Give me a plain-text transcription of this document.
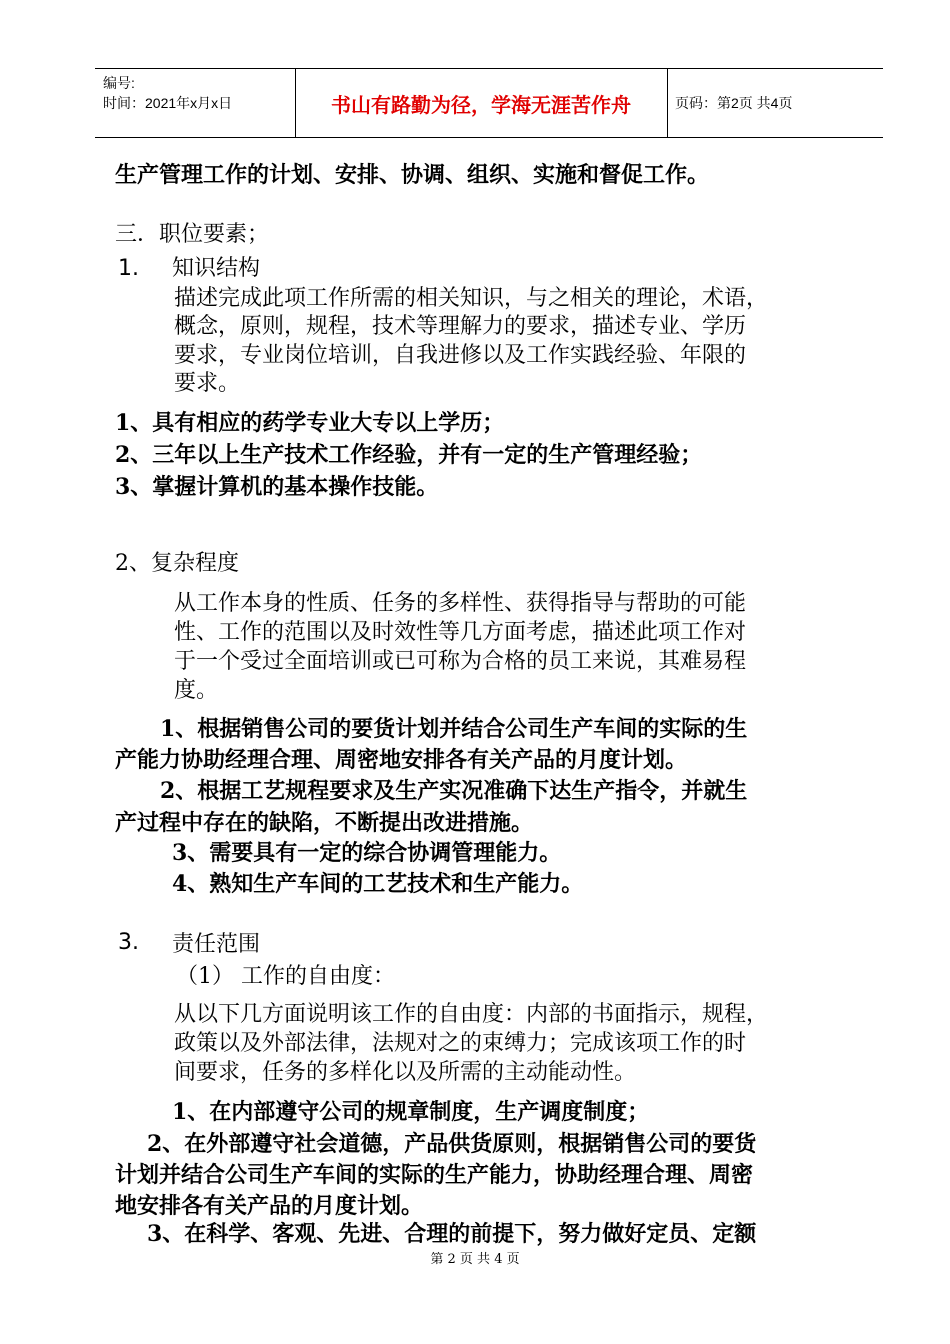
编号:
时间：2021年x月x日	书山有路勤为径，学海无涯苦作舟	页码：第2页 共4页
生产管理工作的计划、安排、协调、组织、实施和督促工作。
三．职位要素；
1. 知识结构
描述完成此项工作所需的相关知识，与之相关的理论，术语，
概念，原则，规程，技术等理解力的要求，描述专业、学历
要求，专业岗位培训，自我进修以及工作实践经验、年限的
要求。
1、具有相应的药学专业大专以上学历；
2、三年以上生产技术工作经验，并有一定的生产管理经验；
3、掌握计算机的基本操作技能。
2、复杂程度
从工作本身的性质、任务的多样性、获得指导与帮助的可能
性、工作的范围以及时效性等几方面考虑，描述此项工作对
于一个受过全面培训或已可称为合格的员工来说，其难易程
度。
1、根据销售公司的要货计划并结合公司生产车间的实际的生
产能力协助经理合理、周密地安排各有关产品的月度计划。
2、根据工艺规程要求及生产实况准确下达生产指令，并就生
产过程中存在的缺陷，不断提出改进措施。
3、需要具有一定的综合协调管理能力。
4、熟知生产车间的工艺技术和生产能力。
3. 责任范围
（1） 工作的自由度：
从以下几方面说明该工作的自由度：内部的书面指示，规程，
政策以及外部法律，法规对之的束缚力；完成该项工作的时
间要求，任务的多样化以及所需的主动能动性。
1、在内部遵守公司的规章制度，生产调度制度；
2、在外部遵守社会道德，产品供货原则，根据销售公司的要货
计划并结合公司生产车间的实际的生产能力，协助经理合理、周密
地安排各有关产品的月度计划。
3、在科学、客观、先进、合理的前提下，努力做好定员、定额
第 2 页 共 4 页
